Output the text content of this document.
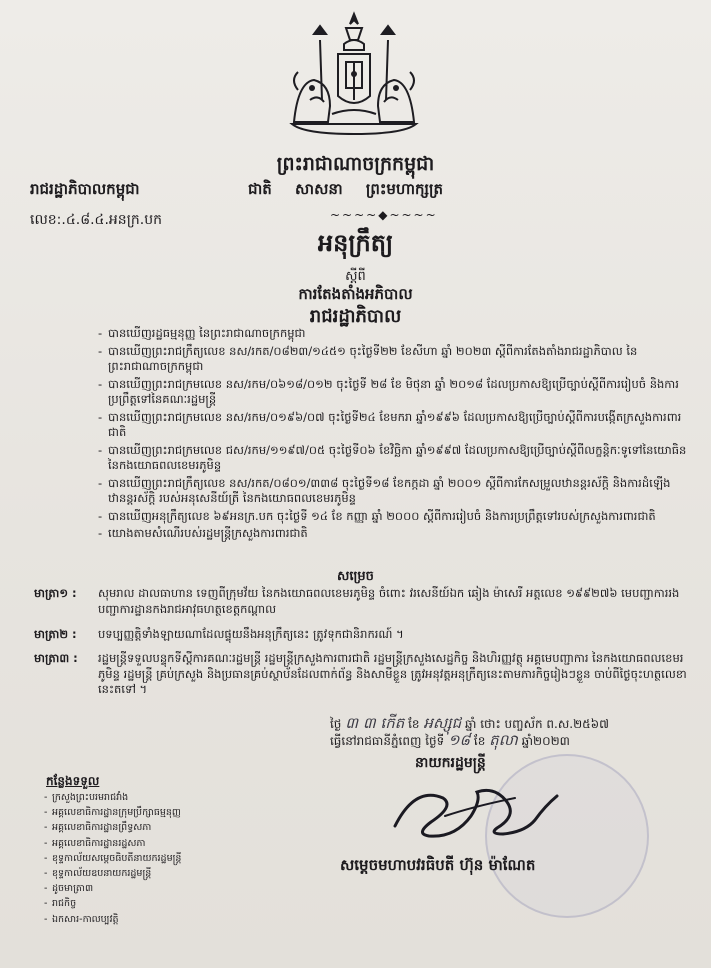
ព្រះរាជាណាចក្រកម្ពុជា
រាជរដ្ឋាភិបាលកម្ពុជា	ជាតិ សាសនា ព្រះមហាក្សត្រ
លេខ:.៤.៨.៤.អនក្រ.បក	~~~~◆~~~~
អនុក្រឹត្យ
ស្ដីពី
ការតែងតាំងអភិបាល
រាជរដ្ឋាភិបាល
- បានឃើញរដ្ឋធម្មនុញ្ញ នៃព្រះរាជាណាចក្រកម្ពុជា
- បានឃើញព្រះរាជក្រឹត្យលេខ នស/រកត/០៨២៣/១៤៥១ ចុះថ្ងៃទី២២ ខែសីហា ឆ្នាំ ២០២៣ ស្ដីពីការតែងតាំងរាជរដ្ឋាភិបាល នៃព្រះរាជាណាចក្រកម្ពុជា
- បានឃើញព្រះរាជក្រមលេខ នស/រកម/០៦១៨/០១២ ចុះថ្ងៃទី ២៨ ខែ មិថុនា ឆ្នាំ ២០១៨ ដែលប្រកាសឱ្យប្រើច្បាប់ស្ដីពីការរៀបចំ និងការប្រព្រឹត្តទៅនៃគណៈរដ្ឋមន្ត្រី
- បានឃើញព្រះរាជក្រមលេខ នស/រកម/០១៩៦/០៧ ចុះថ្ងៃទី២៤ ខែមករា ឆ្នាំ១៩៩៦ ដែលប្រកាសឱ្យប្រើច្បាប់ស្ដីពីការបង្កើតក្រសួងការពារជាតិ
- បានឃើញព្រះរាជក្រមលេខ ជស/រកម/១១៩៧/០៥ ចុះថ្ងៃទី០៦ ខែវិច្ឆិកា ឆ្នាំ១៩៩៧ ដែលប្រកាសឱ្យប្រើច្បាប់ស្ដីពីលក្ខន្តិកៈទូទៅនៃយោធិន នៃកងយោធពលខេមរភូមិន្ទ
- បានឃើញព្រះរាជក្រឹត្យលេខ នស/រកត/០៨០១/៣៣៨ ចុះថ្ងៃទី១៨ ខែកក្កដា ឆ្នាំ ២០០១ ស្ដីពីការកែសម្រួលឋានន្តរស័ក្តិ និងការដំឡើងឋានន្តរស័ក្តិ របស់អនុសេនីយ៍ត្រី នៃកងយោធពលខេមរភូមិន្ទ
- បានឃើញអនុក្រឹត្យលេខ ៦៩អនក្រ.បក ចុះថ្ងៃទី ១៤ ខែ កញ្ញា ឆ្នាំ ២០០០ ស្ដីពីការរៀបចំ និងការប្រព្រឹត្តទៅរបស់ក្រសួងការពារជាតិ
- យោងតាមសំណើរបស់រដ្ឋមន្ត្រីក្រសួងការពារជាតិ
សម្រេច
មាត្រា១ :	សុមរាល ដាលធាហាន ទេញពីក្រុមវ័យ នៃកងយោធពលខេមរភូមិន្ទ ចំពោះ វរសេនីយ៍ឯក ឆៀង ម៉ាសេរី អត្តលេខ ១៩៩២៧៦ មេបញ្ជាការរង បញ្ជាការដ្ឋានកងរាជអាវុធហត្ថខេត្តកណ្ដាល
មាត្រា២ :	បទប្បញ្ញត្តិទាំងឡាយណាដែលផ្ទុយនឹងអនុក្រឹត្យនេះ ត្រូវទុកជានិរាករណ៍ ។
មាត្រា៣ :	រដ្ឋមន្ត្រីទទួលបន្ទុកទីស្ដីការគណៈរដ្ឋមន្ត្រី រដ្ឋមន្ត្រីក្រសួងការពារជាតិ រដ្ឋមន្ត្រីក្រសួងសេដ្ឋកិច្ច និងហិរញ្ញវត្ថុ អគ្គមេបញ្ជាការ នៃកងយោធពលខេមរភូមិន្ទ រដ្ឋមន្ត្រី គ្រប់ក្រសួង និងប្រធានគ្រប់ស្ថាប័នដែលពាក់ព័ន្ធ និងសាមីខ្លួន ត្រូវអនុវត្តអនុក្រឹត្យនេះតាមភារកិច្ចរៀងៗខ្លួន ចាប់ពីថ្ងៃចុះហត្ថលេខានេះតទៅ ។
ថ្ងៃ ៣ ៣ កើត ខែ អស្សុជ ឆ្នាំ ថោះ បញ្ចស័ក ព.ស.២៥៦៧
ធ្វើនៅរាជធានីភ្នំពេញ ថ្ងៃទី ១៨ ខែ តុលា ឆ្នាំ២០២៣
នាយករដ្ឋមន្ត្រី
សម្ដេចមហាបវរធិបតី ហ៊ុន ម៉ាណែត
កន្លែងទទួល
- ក្រសួងព្រះបរមរាជវាំង
- អគ្គលេខាធិការដ្ឋានក្រុមប្រឹក្សាធម្មនុញ្ញ
- អគ្គលេខាធិការដ្ឋានព្រឹទ្ធសភា
- អគ្គលេខាធិការដ្ឋានរដ្ឋសភា
- ខុទ្ទកាល័យសម្ដេចធិបតីនាយករដ្ឋមន្ត្រី
- ខុទ្ទកាល័យឧបនាយករដ្ឋមន្ត្រី
- ដូចមាត្រា៣
- រាជកិច្ច
- ឯកសារ-កាលប្បវត្តិ
